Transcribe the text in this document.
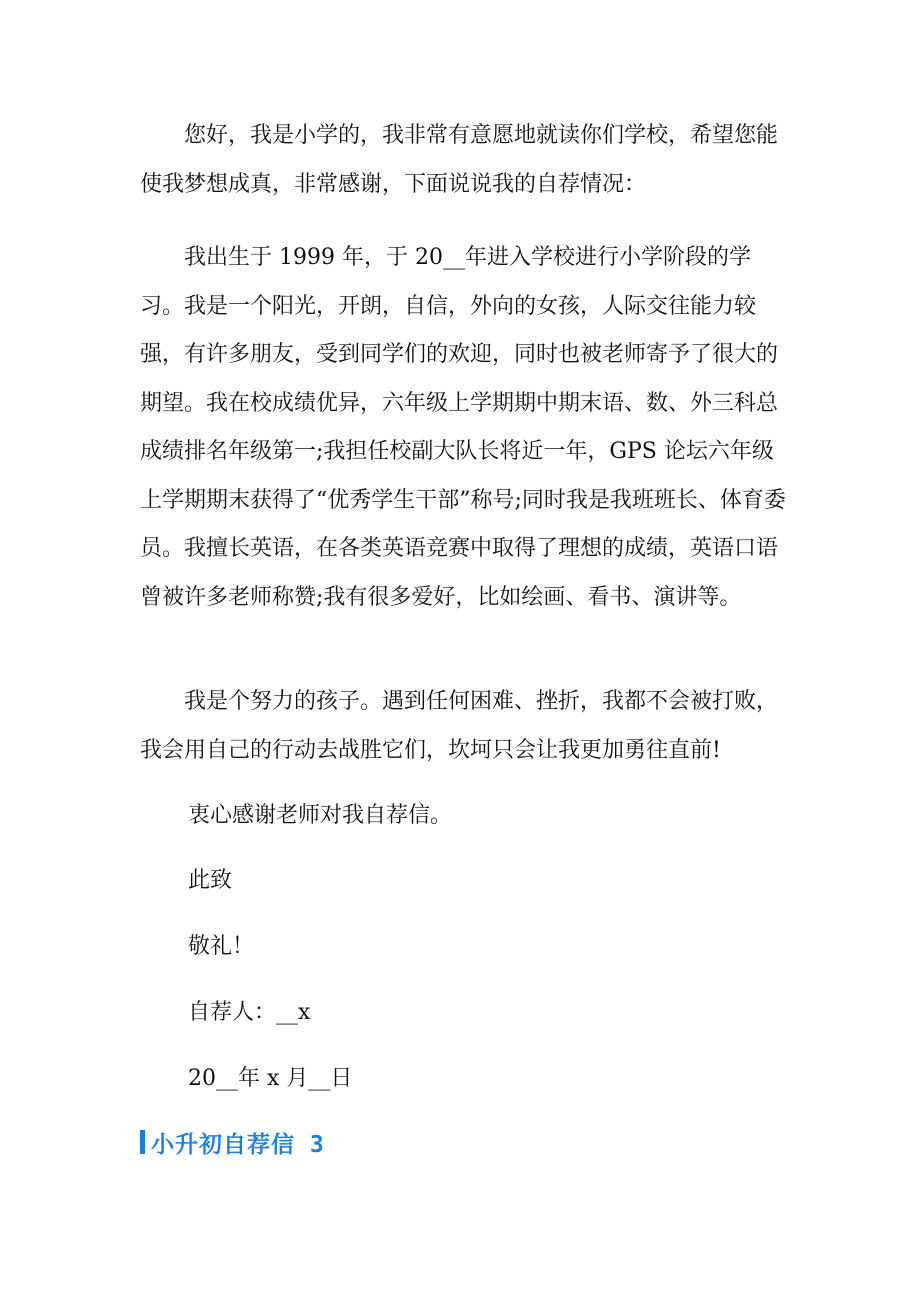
您好，我是小学的，我非常有意愿地就读你们学校，希望您能使我梦想成真，非常感谢，下面说说我的自荐情况：

我出生于 1999 年，于 20__年进入学校进行小学阶段的学习。我是一个阳光，开朗，自信，外向的女孩，人际交往能力较强，有许多朋友，受到同学们的欢迎，同时也被老师寄予了很大的期望。我在校成绩优异，六年级上学期期中期末语、数、外三科总成绩排名年级第一;我担任校副大队长将近一年，GPS 论坛六年级上学期期末获得了“优秀学生干部”称号;同时我是我班班长、体育委员。我擅长英语，在各类英语竞赛中取得了理想的成绩，英语口语曾被许多老师称赞;我有很多爱好，比如绘画、看书、演讲等。

我是个努力的孩子。遇到任何困难、挫折，我都不会被打败，我会用自己的行动去战胜它们，坎坷只会让我更加勇往直前!

衷心感谢老师对我自荐信。

此致

敬礼！

自荐人：__x

20__年 x 月__日

小升初自荐信 3
